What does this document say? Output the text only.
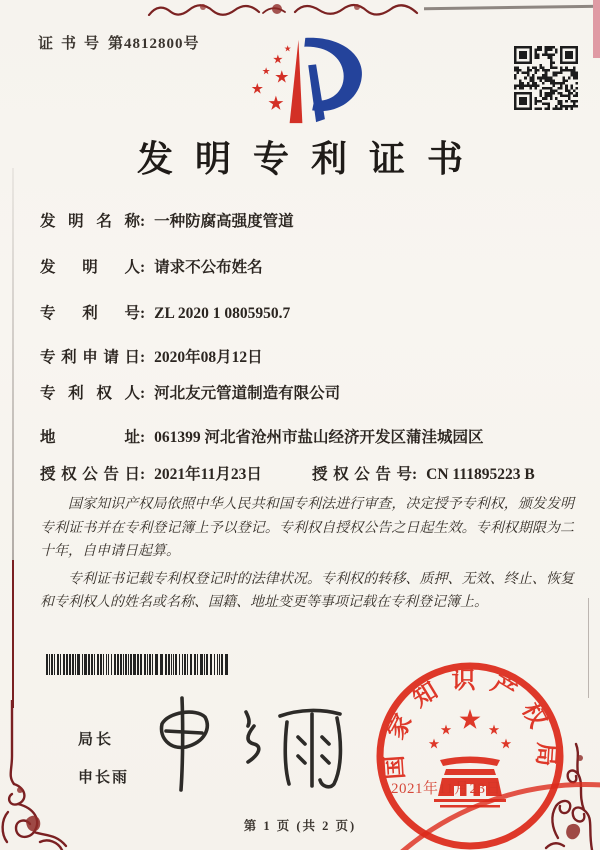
证书号 第4812800号
发明专利证书
发明名称: 一种防腐高强度管道
发明人: 请求不公布姓名
专利号: ZL 2020 1 0805950.7
专利申请日: 2020年08月12日
专利权人: 河北友元管道制造有限公司
地址: 061399 河北省沧州市盐山经济开发区蒲洼城园区
授权公告日: 2021年11月23日	授权公告号: CN 111895223 B

国家知识产权局依照中华人民共和国专利法进行审查，决定授予专利权，颁发发明专利证书并在专利登记簿上予以登记。专利权自授权公告之日起生效。专利权期限为二十年，自申请日起算。

专利证书记载专利权登记时的法律状况。专利权的转移、质押、无效、终止、恢复和专利权人的姓名或名称、国籍、地址变更等事项记载在专利登记簿上。

局长
申长雨	国家知识产权局
2021年11月23日
第 1 页 (共 2 页)
